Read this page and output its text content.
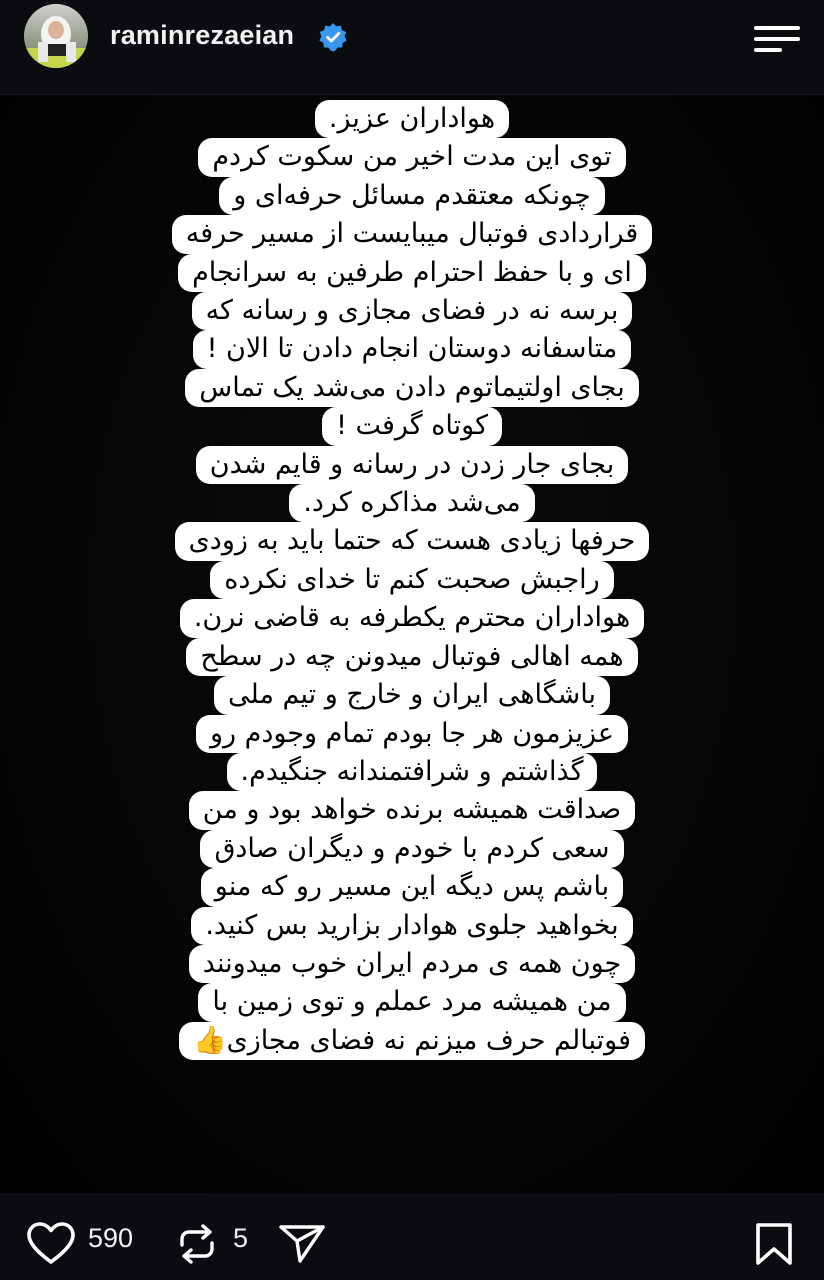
raminrezaeian
هواداران عزیز.
توی این مدت اخیر من سکوت کردم
چونکه معتقدم مسائل حرفه‌ای و
قراردادی فوتبال میبایست از مسیر حرفه
ای و با حفظ احترام طرفین به سرانجام
برسه نه در فضای مجازی و رسانه که
متاسفانه دوستان انجام دادن تا الان !
بجای اولتیماتوم دادن می‌شد یک تماس
کوتاه گرفت !
بجای جار زدن در رسانه و قایم شدن
می‌شد مذاکره کرد.
حرفها زیادی هست که حتما باید به زودی
راجبش صحبت کنم تا خدای نکرده
هواداران محترم یکطرفه به قاضی نرن.
همه اهالی فوتبال میدونن چه در سطح
باشگاهی ایران و خارج و تیم ملی
عزیزمون هر جا بودم تمام وجودم رو
گذاشتم و شرافتمندانه جنگیدم.
صداقت همیشه برنده خواهد بود و من
سعی کردم با خودم و دیگران صادق
باشم پس دیگه این مسیر رو که منو
بخواهید جلوی هوادار بزارید بس کنید.
چون همه ی مردم ایران خوب میدونند
من همیشه مرد عملم و توی زمین با
فوتبالم حرف میزنم نه فضای مجازی👍
590	5
